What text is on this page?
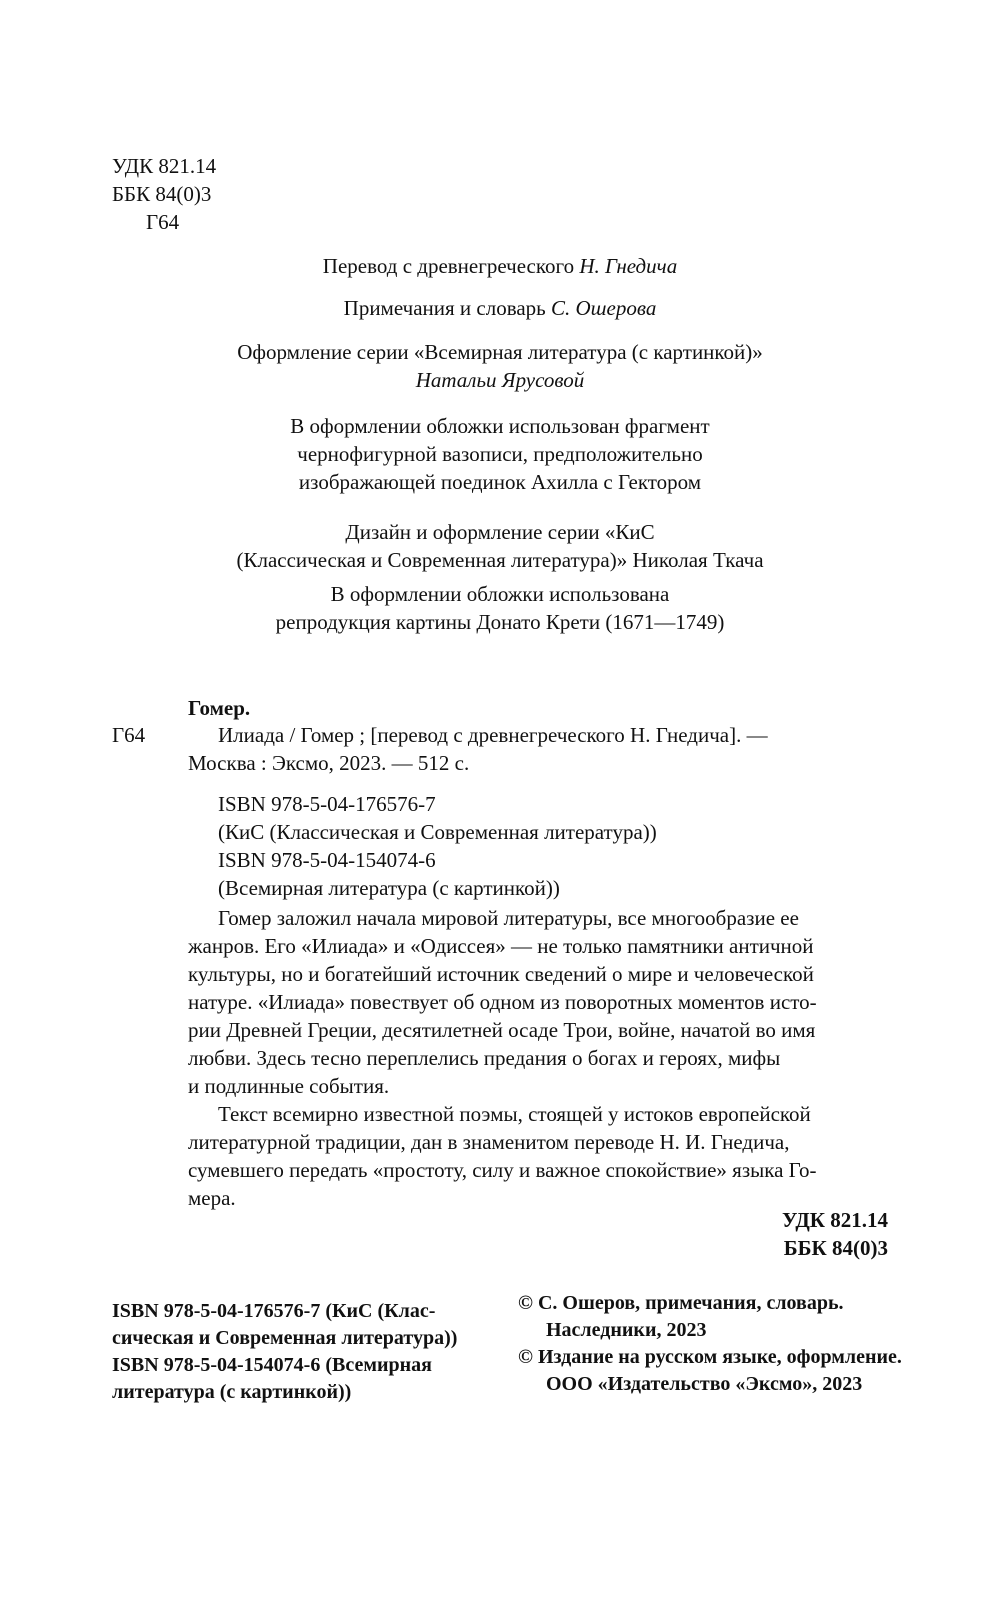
УДК 821.14
ББК 84(0)3
Г64
Перевод с древнегреческого Н. Гнедича
Примечания и словарь С. Ошерова
Оформление серии «Всемирная литература (с картинкой)»
Натальи Ярусовой
В оформлении обложки использован фрагмент
чернофигурной вазописи, предположительно
изображающей поединок Ахилла с Гектором
Дизайн и оформление серии «КиС
(Классическая и Современная литература)» Николая Ткача
В оформлении обложки использована
репродукция картины Донато Крети (1671—1749)
Гомер.
Г64	Илиада / Гомер ; [перевод с древнегреческого Н. Гнедича]. —
Москва : Эксмо, 2023. — 512 с.
ISBN 978-5-04-176576-7
(КиС (Классическая и Современная литература))
ISBN 978-5-04-154074-6
(Всемирная литература (с картинкой))
Гомер заложил начала мировой литературы, все многообразие ее
жанров. Его «Илиада» и «Одиссея» — не только памятники античной
культуры, но и богатейший источник сведений о мире и человеческой
натуре. «Илиада» повествует об одном из поворотных моментов исто-
рии Древней Греции, десятилетней осаде Трои, войне, начатой во имя
любви. Здесь тесно переплелись предания о богах и героях, мифы
и подлинные события.
Текст всемирно известной поэмы, стоящей у истоков европейской
литературной традиции, дан в знаменитом переводе Н. И. Гнедича,
сумевшего передать «простоту, силу и важное спокойствие» языка Го-
мера.
УДК 821.14
ББК 84(0)3
ISBN 978-5-04-176576-7 (КиС (Клас-
сическая и Современная литература))
ISBN 978-5-04-154074-6 (Всемирная
литература (с картинкой))
© С. Ошеров, примечания, словарь.
Наследники, 2023
© Издание на русском языке, оформление.
ООО «Издательство «Эксмо», 2023
